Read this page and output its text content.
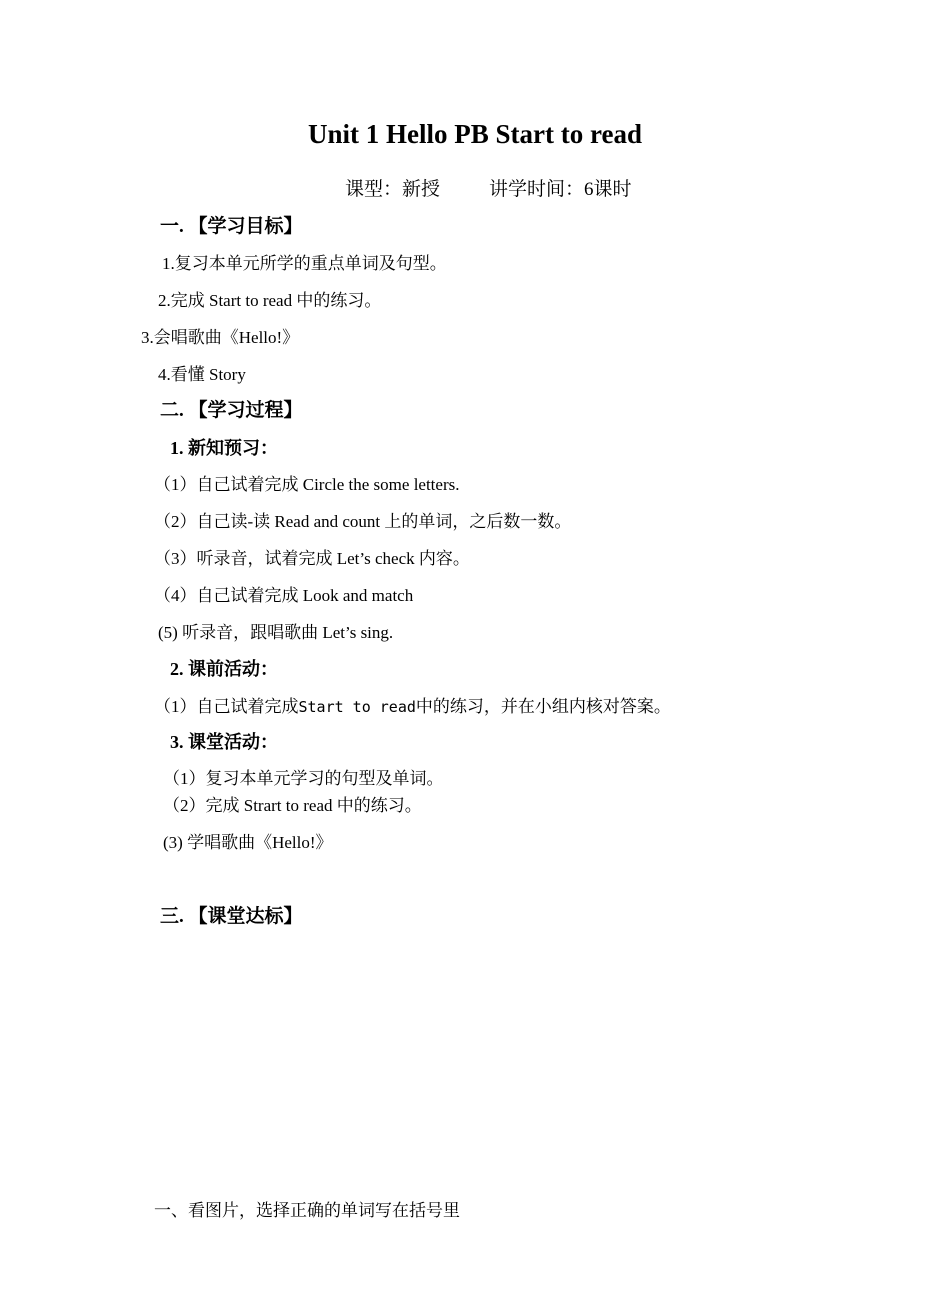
Unit 1 Hello PB Start to read
课型：新授	讲学时间：6课时
一. 【学习目标】
1.复习本单元所学的重点单词及句型。
2.完成 Start to read 中的练习。
3.会唱歌曲《Hello!》
4.看懂 Story
二. 【学习过程】
1. 新知预习：
（1）自己试着完成 Circle the some letters.
（2）自己读-读 Read and count 上的单词，之后数一数。
（3）听录音，试着完成 Let’s check 内容。
（4）自己试着完成 Look and match
(5) 听录音，跟唱歌曲 Let’s sing.
2. 课前活动：
（1）自己试着完成Start to read中的练习，并在小组内核对答案。
3. 课堂活动：
（1）复习本单元学习的句型及单词。
（2）完成 Strart to read 中的练习。
(3) 学唱歌曲《Hello!》
三. 【课堂达标】
一、看图片，选择正确的单词写在括号里
